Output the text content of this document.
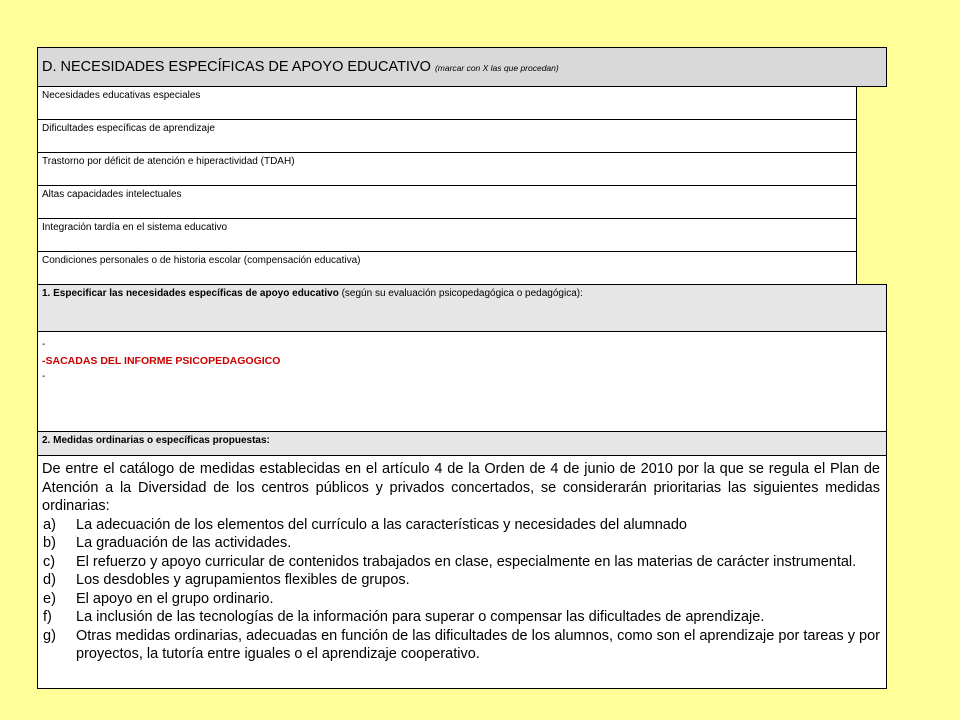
D. NECESIDADES ESPECÍFICAS DE APOYO EDUCATIVO (marcar con X las que procedan)
Necesidades educativas especiales
Dificultades específicas de aprendizaje
Trastorno por déficit de atención e hiperactividad (TDAH)
Altas capacidades intelectuales
Integración tardía en el sistema educativo
Condiciones personales o de historia escolar (compensación educativa)
1. Especificar las necesidades específicas de apoyo educativo (según su evaluación psicopedagógica o pedagógica):
-
-SACADAS DEL INFORME PSICOPEDAGOGICO
-
2. Medidas ordinarias o específicas propuestas:

De entre el catálogo de medidas establecidas en el artículo 4 de la Orden de 4 de junio de 2010 por la que se regula el Plan de Atención a la Diversidad de los centros públicos y privados concertados, se considerarán prioritarias las siguientes medidas ordinarias:

a) La adecuación de los elementos del currículo a las características y necesidades del alumnado
b) La graduación de las actividades.
c) El refuerzo y apoyo curricular de contenidos trabajados en clase, especialmente en las materias de carácter instrumental.
d) Los desdobles y agrupamientos flexibles de grupos.
e) El apoyo en el grupo ordinario.
f) La inclusión de las tecnologías de la información para superar o compensar las dificultades de aprendizaje.
g) Otras medidas ordinarias, adecuadas en función de las dificultades de los alumnos, como son el aprendizaje por tareas y por proyectos, la tutoría entre iguales o el aprendizaje cooperativo.
